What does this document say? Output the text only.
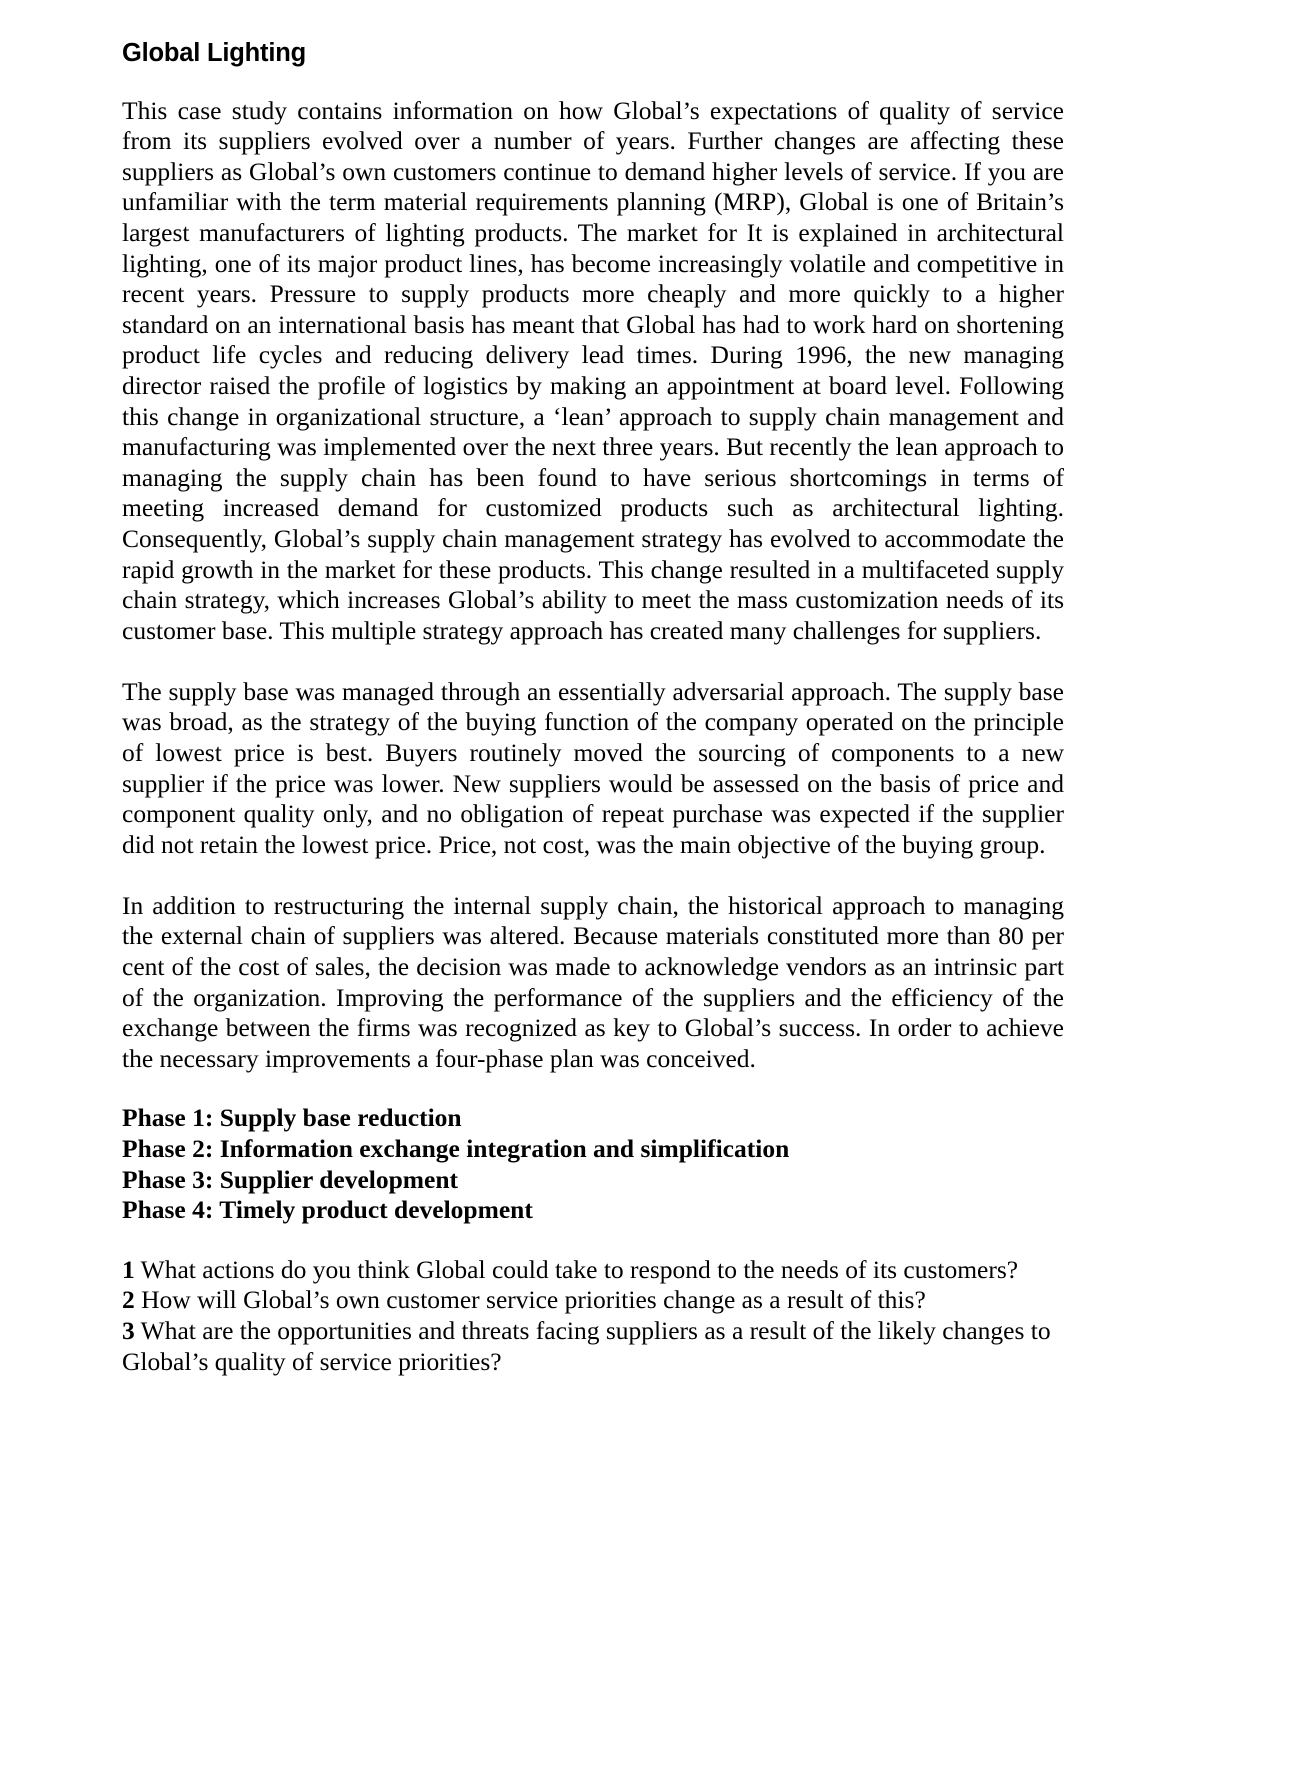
Global Lighting

This case study contains information on how Global’s expectations of quality of service from its suppliers evolved over a number of years. Further changes are affecting these suppliers as Global’s own customers continue to demand higher levels of service. If you are unfamiliar with the term material requirements planning (MRP), Global is one of Britain’s largest manufacturers of lighting products. The market for It is explained in architectural lighting, one of its major product lines, has become increasingly volatile and competitive in recent years. Pressure to supply products more cheaply and more quickly to a higher standard on an international basis has meant that Global has had to work hard on shortening product life cycles and reducing delivery lead times. During 1996, the new managing director raised the profile of logistics by making an appointment at board level. Following this change in organizational structure, a ‘lean’ approach to supply chain management and manufacturing was implemented over the next three years. But recently the lean approach to managing the supply chain has been found to have serious shortcomings in terms of meeting increased demand for customized products such as architectural lighting. Consequently, Global’s supply chain management strategy has evolved to accommodate the rapid growth in the market for these products. This change resulted in a multifaceted supply chain strategy, which increases Global’s ability to meet the mass customization needs of its customer base. This multiple strategy approach has created many challenges for suppliers.

The supply base was managed through an essentially adversarial approach. The supply base was broad, as the strategy of the buying function of the company operated on the principle of lowest price is best. Buyers routinely moved the sourcing of components to a new supplier if the price was lower. New suppliers would be assessed on the basis of price and component quality only, and no obligation of repeat purchase was expected if the supplier did not retain the lowest price. Price, not cost, was the main objective of the buying group.

In addition to restructuring the internal supply chain, the historical approach to managing the external chain of suppliers was altered. Because materials constituted more than 80 per cent of the cost of sales, the decision was made to acknowledge vendors as an intrinsic part of the organization. Improving the performance of the suppliers and the efficiency of the exchange between the firms was recognized as key to Global’s success. In order to achieve the necessary improvements a four-phase plan was conceived.

Phase 1: Supply base reduction
Phase 2: Information exchange integration and simplification
Phase 3: Supplier development
Phase 4: Timely product development
1 What actions do you think Global could take to respond to the needs of its customers?
2 How will Global’s own customer service priorities change as a result of this?
3 What are the opportunities and threats facing suppliers as a result of the likely changes to Global’s quality of service priorities?
